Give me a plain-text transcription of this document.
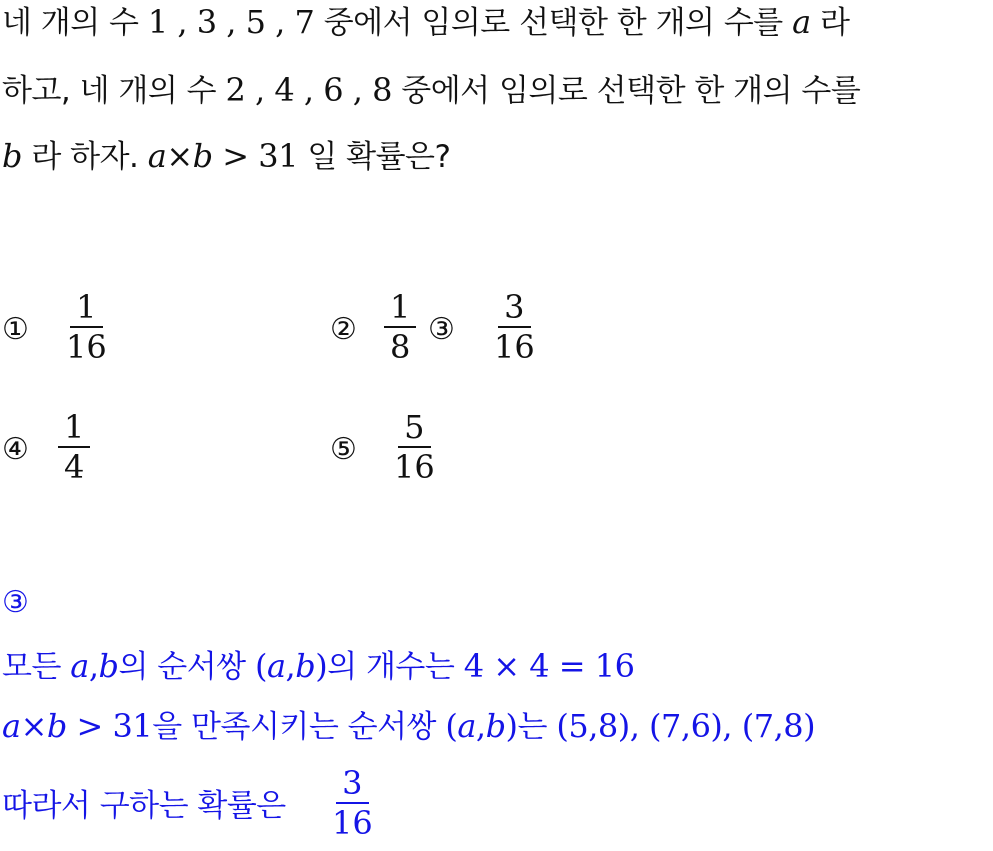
네 개의 수 1 , 3 , 5 , 7 중에서 임의로 선택한 한 개의 수를 a 라
하고, 네 개의 수 2 , 4 , 6 , 8 중에서 임의로 선택한 한 개의 수를
b 라 하자. a×b > 31 일 확률은?
① $\frac{1}{16}$	② $\frac{1}{8}$ ③ $\frac{3}{16}$
④ $\frac{1}{4}$	⑤ $\frac{5}{16}$
③
모든 a,b의 순서쌍 (a,b)의 개수는 4 × 4 = 16
a×b > 31을 만족시키는 순서쌍 (a,b)는 (5,8), (7,6), (7,8)
따라서 구하는 확률은 $\frac{3}{16}$
